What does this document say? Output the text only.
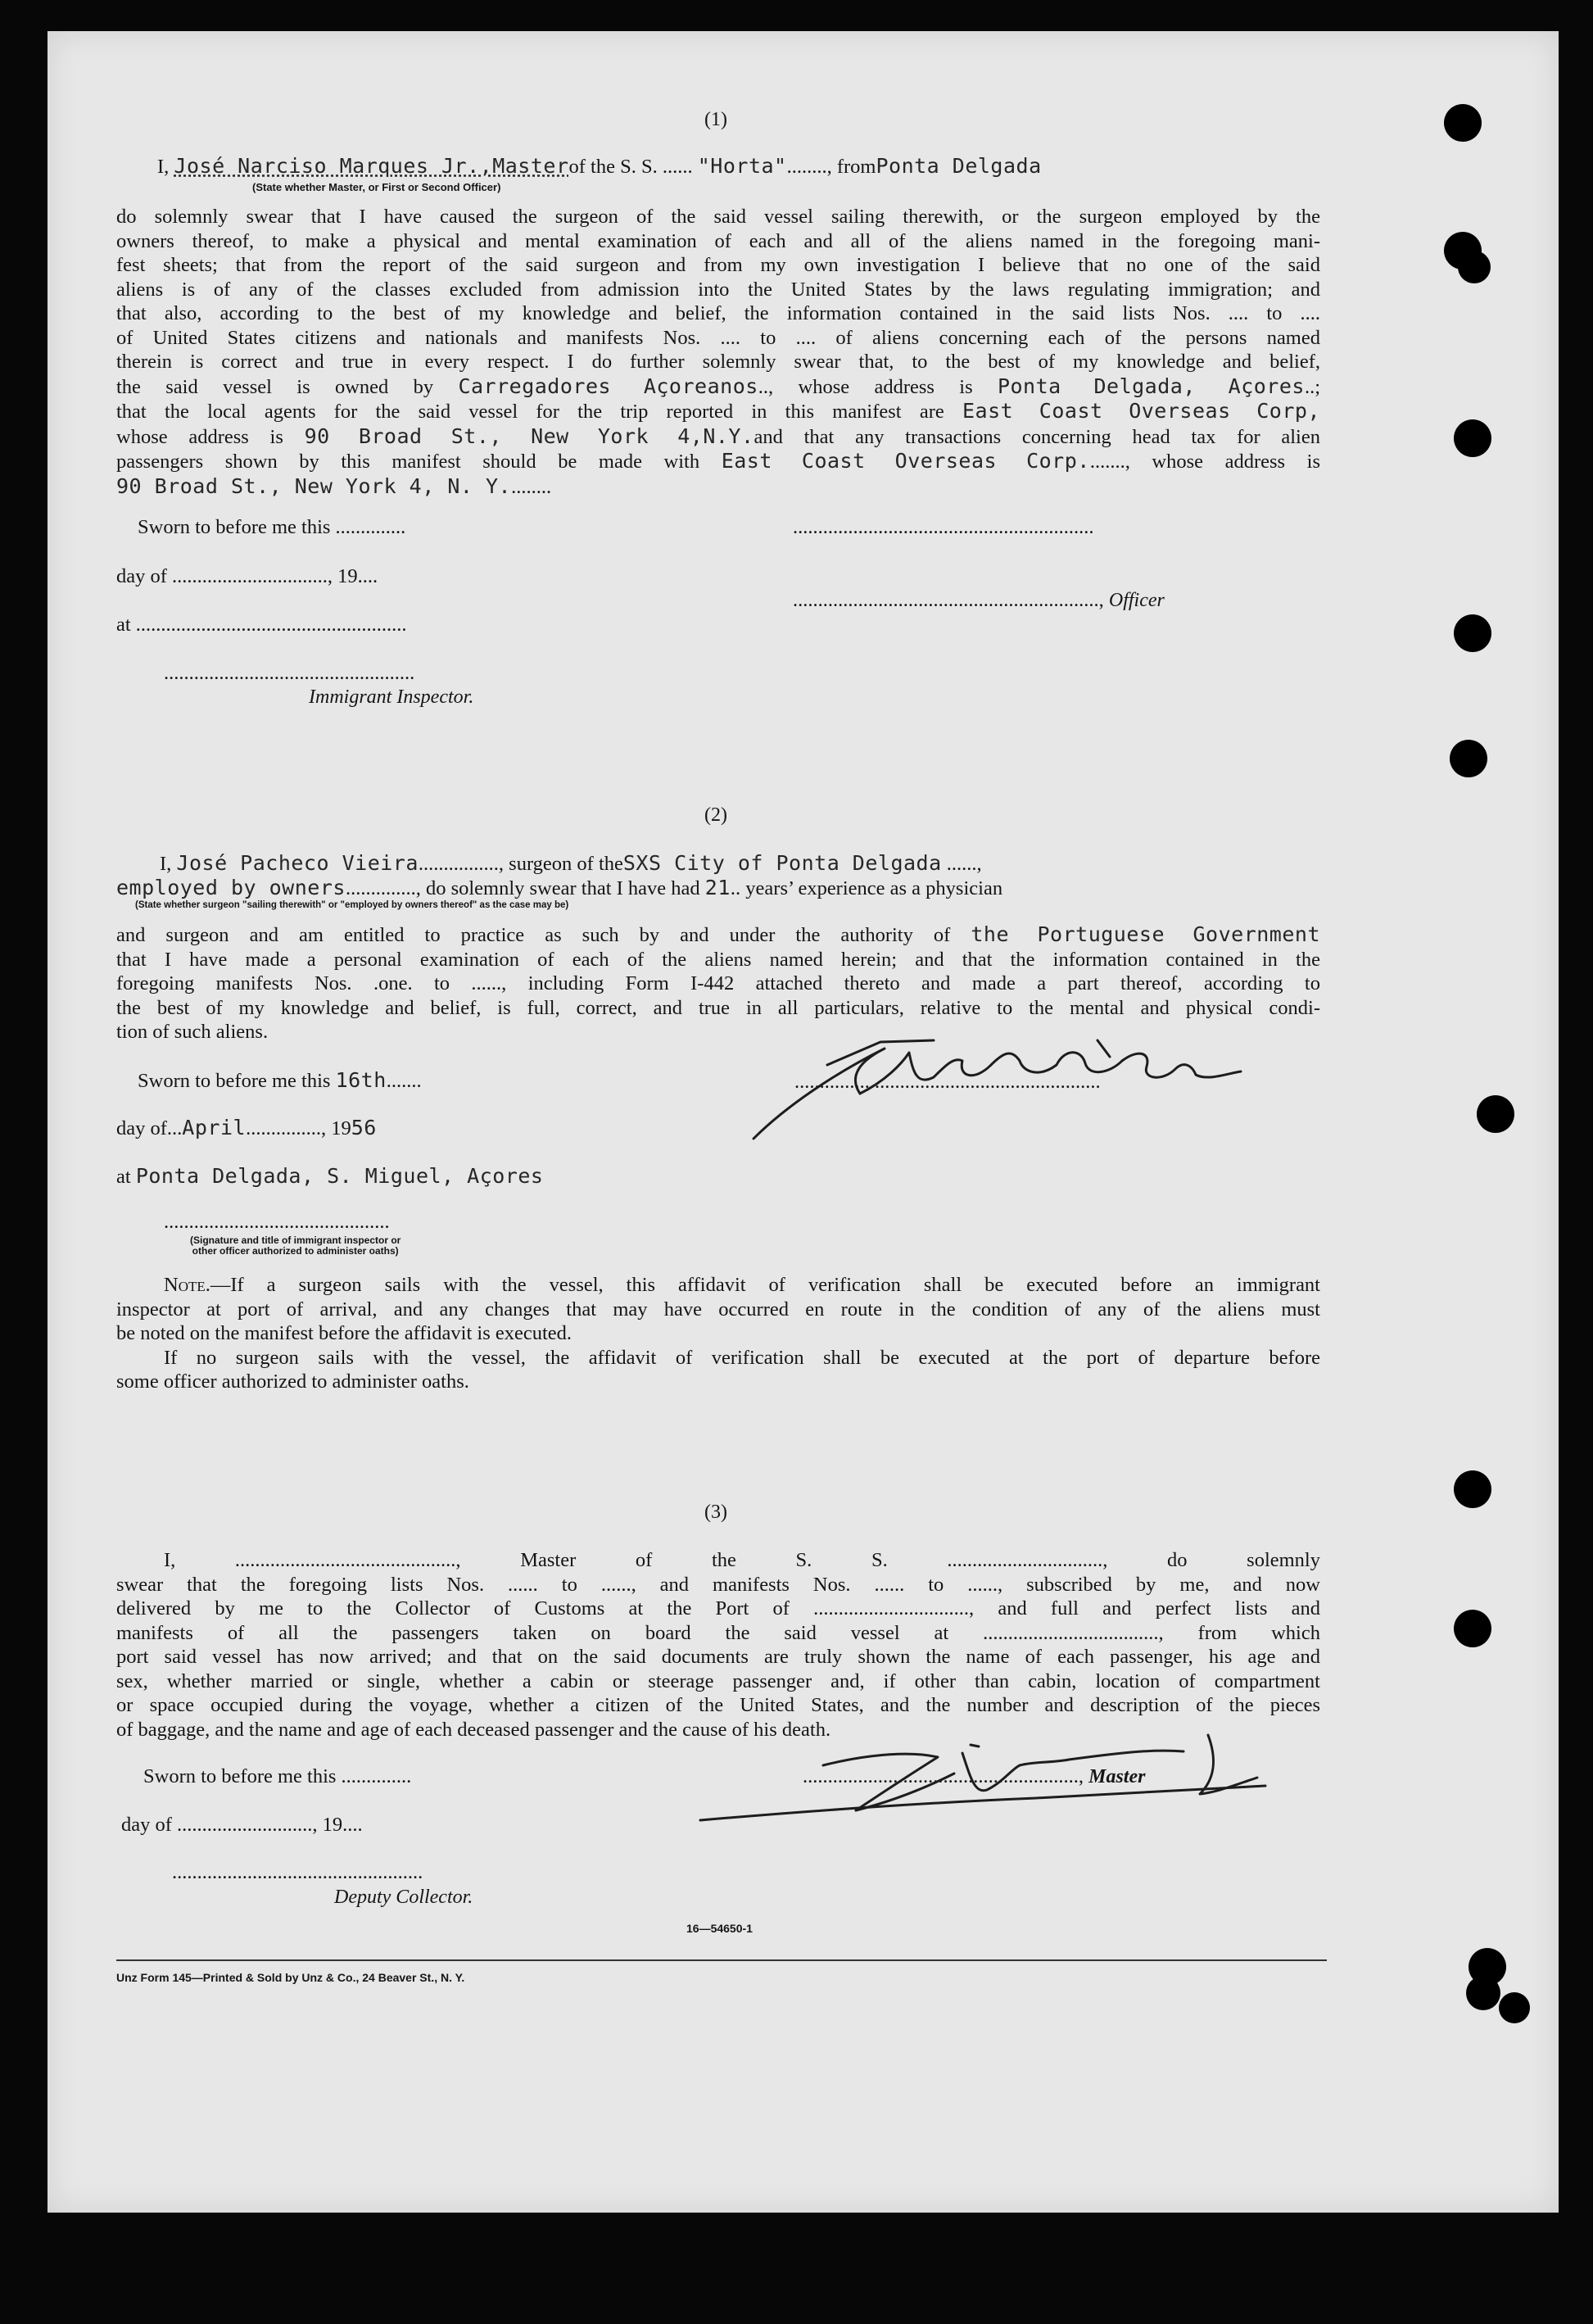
(1)
I, José Narciso Marques Jr.,Masterof the S. S. ...... "Horta"........, fromPonta Delgada
(State whether Master, or First or Second Officer)
do solemnly swear that I have caused the surgeon of the said vessel sailing therewith, or the surgeon employed by the
owners thereof, to make a physical and mental examination of each and all of the aliens named in the foregoing mani-
fest sheets; that from the report of the said surgeon and from my own investigation I believe that no one of the said
aliens is of any of the classes excluded from admission into the United States by the laws regulating immigration; and
that also, according to the best of my knowledge and belief, the information contained in the said lists Nos. .... to ....
of United States citizens and nationals and manifests Nos. .... to .... of aliens concerning each of the persons named
therein is correct and true in every respect. I do further solemnly swear that, to the best of my knowledge and belief,
the said vessel is owned by Carregadores Açoreanos.., whose address is Ponta Delgada, Açores..;
that the local agents for the said vessel for the trip reported in this manifest are East Coast Overseas Corp,
whose address is 90 Broad St., New York 4,N.Y.and that any transactions concerning head tax for alien
passengers shown by this manifest should be made with East Coast Overseas Corp........, whose address is
90 Broad St., New York 4, N. Y.........
Sworn to before me this ..............
day of ..............................., 19....
at ......................................................
..................................................
Immigrant Inspector.
............................................................
............................................................., Officer
(2)
I, José Pacheco Vieira................, surgeon of theSXS City of Ponta Delgada ......,
employed by owners.............., do solemnly swear that I have had 21.. years’ experience as a physician
(State whether surgeon "sailing therewith" or "employed by owners thereof" as the case may be)
and surgeon and am entitled to practice as such by and under the authority of the Portuguese Government
that I have made a personal examination of each of the aliens named herein; and that the information contained in the
foregoing manifests Nos. .one. to ......, including Form I-442 attached thereto and made a part thereof, according to
the best of my knowledge and belief, is full, correct, and true in all particulars, relative to the mental and physical condi-
tion of such aliens.
Sworn to before me this 16th.......
day of...April..............., 1956
at Ponta Delgada, S. Miguel, Açores
.............................................
(Signature and title of immigrant inspector or
other officer authorized to administer oaths)
.............................................................
Note.—If a surgeon sails with the vessel, this affidavit of verification shall be executed before an immigrant
inspector at port of arrival, and any changes that may have occurred en route in the condition of any of the aliens must
be noted on the manifest before the affidavit is executed.
If no surgeon sails with the vessel, the affidavit of verification shall be executed at the port of departure before
some officer authorized to administer oaths.
(3)
I, ............................................, Master of the S. S. ..............................., do solemnly
swear that the foregoing lists Nos. ...... to ......, and manifests Nos. ...... to ......, subscribed by me, and now
delivered by me to the Collector of Customs at the Port of ..............................., and full and perfect lists and
manifests of all the passengers taken on board the said vessel at ..................................., from which
port said vessel has now arrived; and that on the said documents are truly shown the name of each passenger, his age and
sex, whether married or single, whether a cabin or steerage passenger and, if other than cabin, location of compartment
or space occupied during the voyage, whether a citizen of the United States, and the number and description of the pieces
of baggage, and the name and age of each deceased passenger and the cause of his death.
Sworn to before me this ..............
day of ..........................., 19....
..................................................
Deputy Collector.
......................................................., Master
16—54650-1
Unz Form 145—Printed & Sold by Unz & Co., 24 Beaver St., N. Y.
